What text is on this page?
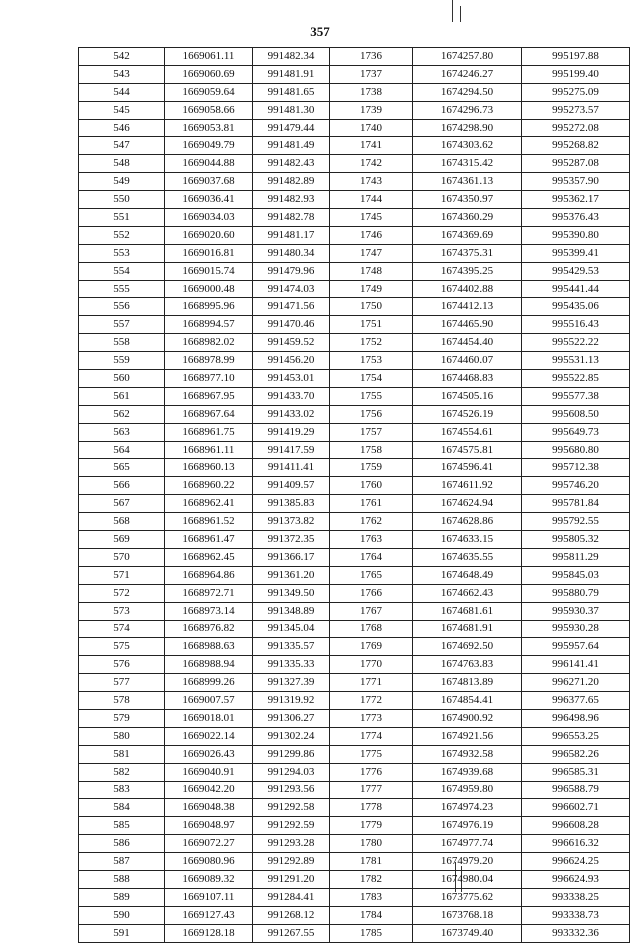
357
542	1669061.11	991482.34	1736	1674257.80	995197.88
543	1669060.69	991481.91	1737	1674246.27	995199.40
544	1669059.64	991481.65	1738	1674294.50	995275.09
545	1669058.66	991481.30	1739	1674296.73	995273.57
546	1669053.81	991479.44	1740	1674298.90	995272.08
547	1669049.79	991481.49	1741	1674303.62	995268.82
548	1669044.88	991482.43	1742	1674315.42	995287.08
549	1669037.68	991482.89	1743	1674361.13	995357.90
550	1669036.41	991482.93	1744	1674350.97	995362.17
551	1669034.03	991482.78	1745	1674360.29	995376.43
552	1669020.60	991481.17	1746	1674369.69	995390.80
553	1669016.81	991480.34	1747	1674375.31	995399.41
554	1669015.74	991479.96	1748	1674395.25	995429.53
555	1669000.48	991474.03	1749	1674402.88	995441.44
556	1668995.96	991471.56	1750	1674412.13	995435.06
557	1668994.57	991470.46	1751	1674465.90	995516.43
558	1668982.02	991459.52	1752	1674454.40	995522.22
559	1668978.99	991456.20	1753	1674460.07	995531.13
560	1668977.10	991453.01	1754	1674468.83	995522.85
561	1668967.95	991433.70	1755	1674505.16	995577.38
562	1668967.64	991433.02	1756	1674526.19	995608.50
563	1668961.75	991419.29	1757	1674554.61	995649.73
564	1668961.11	991417.59	1758	1674575.81	995680.80
565	1668960.13	991411.41	1759	1674596.41	995712.38
566	1668960.22	991409.57	1760	1674611.92	995746.20
567	1668962.41	991385.83	1761	1674624.94	995781.84
568	1668961.52	991373.82	1762	1674628.86	995792.55
569	1668961.47	991372.35	1763	1674633.15	995805.32
570	1668962.45	991366.17	1764	1674635.55	995811.29
571	1668964.86	991361.20	1765	1674648.49	995845.03
572	1668972.71	991349.50	1766	1674662.43	995880.79
573	1668973.14	991348.89	1767	1674681.61	995930.37
574	1668976.82	991345.04	1768	1674681.91	995930.28
575	1668988.63	991335.57	1769	1674692.50	995957.64
576	1668988.94	991335.33	1770	1674763.83	996141.41
577	1668999.26	991327.39	1771	1674813.89	996271.20
578	1669007.57	991319.92	1772	1674854.41	996377.65
579	1669018.01	991306.27	1773	1674900.92	996498.96
580	1669022.14	991302.24	1774	1674921.56	996553.25
581	1669026.43	991299.86	1775	1674932.58	996582.26
582	1669040.91	991294.03	1776	1674939.68	996585.31
583	1669042.20	991293.56	1777	1674959.80	996588.79
584	1669048.38	991292.58	1778	1674974.23	996602.71
585	1669048.97	991292.59	1779	1674976.19	996608.28
586	1669072.27	991293.28	1780	1674977.74	996616.32
587	1669080.96	991292.89	1781	1674979.20	996624.25
588	1669089.32	991291.20	1782	1674980.04	996624.93
589	1669107.11	991284.41	1783	1673775.62	993338.25
590	1669127.43	991268.12	1784	1673768.18	993338.73
591	1669128.18	991267.55	1785	1673749.40	993332.36
